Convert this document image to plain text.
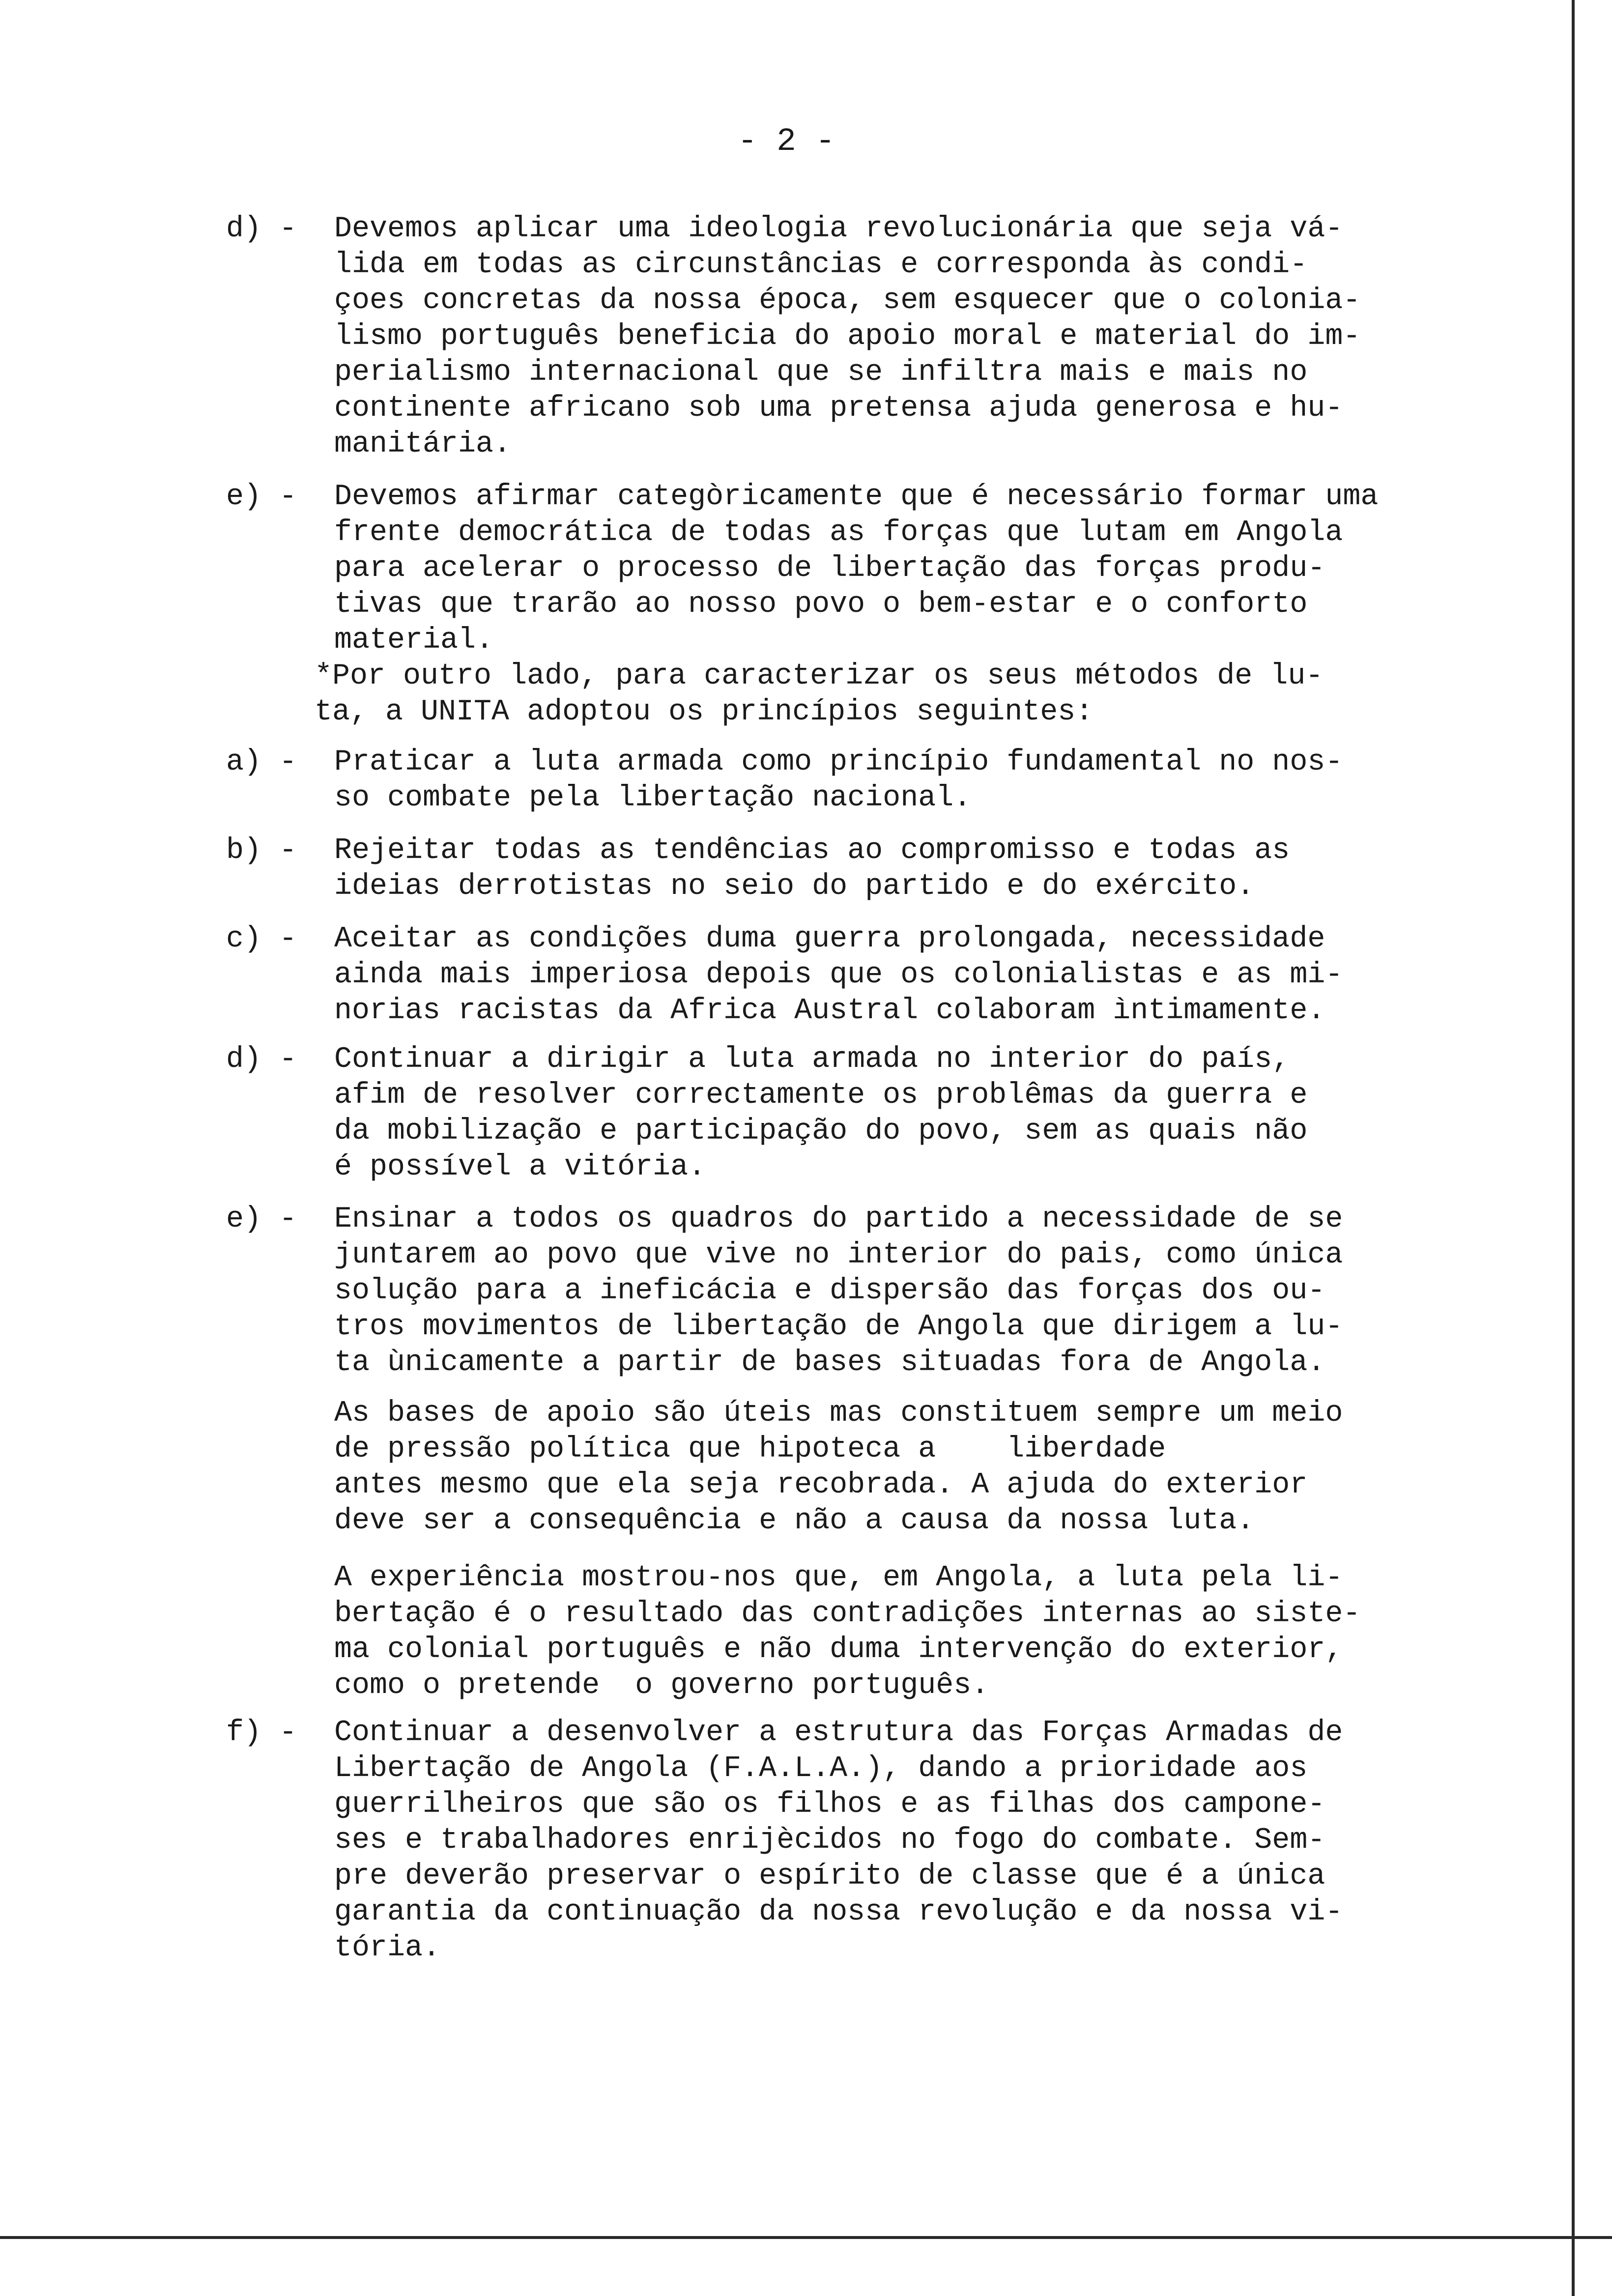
- 2 -
d) - Devemos aplicar uma ideologia revolucionária que seja vá-
lida em todas as circunstâncias e corresponda às condi-
çoes concretas da nossa época, sem esquecer que o colonia-
lismo português beneficia do apoio moral e material do im-
perialismo internacional que se infiltra mais e mais no
continente africano sob uma pretensa ajuda generosa e hu-
manitária.
e) - Devemos afirmar categòricamente que é necessário formar uma
frente democrática de todas as forças que lutam em Angola
para acelerar o processo de libertação das forças produ-
tivas que trarão ao nosso povo o bem-estar e o conforto
material.
*Por outro lado, para caracterizar os seus métodos de lu-
ta, a UNITA adoptou os princípios seguintes:
a) - Praticar a luta armada como princípio fundamental no nos-
so combate pela libertação nacional.
b) - Rejeitar todas as tendências ao compromisso e todas as
ideias derrotistas no seio do partido e do exército.
c) - Aceitar as condições duma guerra prolongada, necessidade
ainda mais imperiosa depois que os colonialistas e as mi-
norias racistas da Africa Austral colaboram ìntimamente.
d) - Continuar a dirigir a luta armada no interior do país,
afim de resolver correctamente os problêmas da guerra e
da mobilização e participação do povo, sem as quais não
é possível a vitória.
e) - Ensinar a todos os quadros do partido a necessidade de se
juntarem ao povo que vive no interior do pais, como única
solução para a ineficácia e dispersão das forças dos ou-
tros movimentos de libertação de Angola que dirigem a lu-
ta ùnicamente a partir de bases situadas fora de Angola.
As bases de apoio são úteis mas constituem sempre um meio
de pressão política que hipoteca a    liberdade
antes mesmo que ela seja recobrada. A ajuda do exterior
deve ser a consequência e não a causa da nossa luta.
A experiência mostrou-nos que, em Angola, a luta pela li-
bertação é o resultado das contradições internas ao siste-
ma colonial português e não duma intervenção do exterior,
como o pretende  o governo português.
f) - Continuar a desenvolver a estrutura das Forças Armadas de
Libertação de Angola (F.A.L.A.), dando a prioridade aos
guerrilheiros que são os filhos e as filhas dos campone-
ses e trabalhadores enrijècidos no fogo do combate. Sem-
pre deverão preservar o espírito de classe que é a única
garantia da continuação da nossa revolução e da nossa vi-
tória.
